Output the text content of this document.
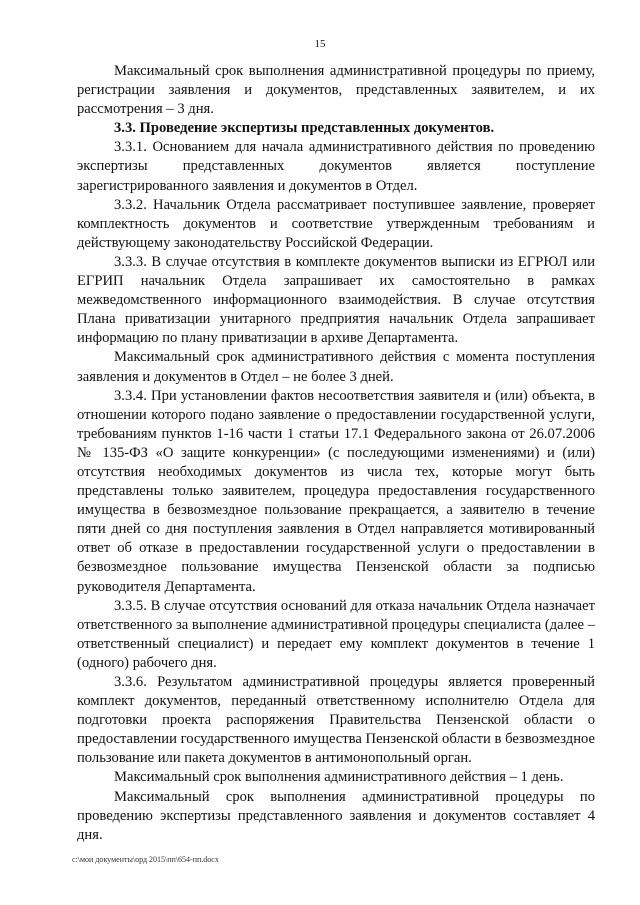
15

Максимальный срок выполнения административной процедуры по приему, регистрации заявления и документов, представленных заявителем, и их рассмотрения – 3 дня.

3.3. Проведение экспертизы представленных документов.

3.3.1. Основанием для начала административного действия по проведению экспертизы представленных документов является поступление зарегистрированного заявления и документов в Отдел.

3.3.2. Начальник Отдела рассматривает поступившее заявление, проверяет комплектность документов и соответствие утвержденным требованиям и действующему законодательству Российской Федерации.

3.3.3. В случае отсутствия в комплекте документов выписки из ЕГРЮЛ или ЕГРИП начальник Отдела запрашивает их самостоятельно в рамках межведомственного информационного взаимодействия. В случае отсутствия Плана приватизации унитарного предприятия начальник Отдела запрашивает информацию по плану приватизации в архиве Департамента.

Максимальный срок административного действия с момента поступления заявления и документов в Отдел – не более 3 дней.

3.3.4. При установлении фактов несоответствия заявителя и (или) объекта, в отношении которого подано заявление о предоставлении государственной услуги, требованиям пунктов 1-16 части 1 статьи 17.1 Федерального закона от 26.07.2006 № 135-ФЗ «О защите конкуренции» (с последующими изменениями) и (или) отсутствия необходимых документов из числа тех, которые могут быть представлены только заявителем, процедура предоставления государственного имущества в безвозмездное пользование прекращается, а заявителю в течение пяти дней со дня поступления заявления в Отдел направляется мотивированный ответ об отказе в предоставлении государственной услуги о предоставлении в безвозмездное пользование имущества Пензенской области за подписью руководителя Департамента.

3.3.5. В случае отсутствия оснований для отказа начальник Отдела назначает ответственного за выполнение административной процедуры специалиста (далее – ответственный специалист) и передает ему комплект документов в течение 1 (одного) рабочего дня.

3.3.6. Результатом административной процедуры является проверенный комплект документов, переданный ответственному исполнителю Отдела для подготовки проекта распоряжения Правительства Пензенской области о предоставлении государственного имущества Пензенской области в безвозмездное пользование или пакета документов в антимонопольный орган.

Максимальный срок выполнения административного действия – 1 день.

Максимальный срок выполнения административной процедуры по проведению экспертизы представленного заявления и документов составляет 4 дня.

c:\мои документы\орд 2015\пп\654-пп.docx
